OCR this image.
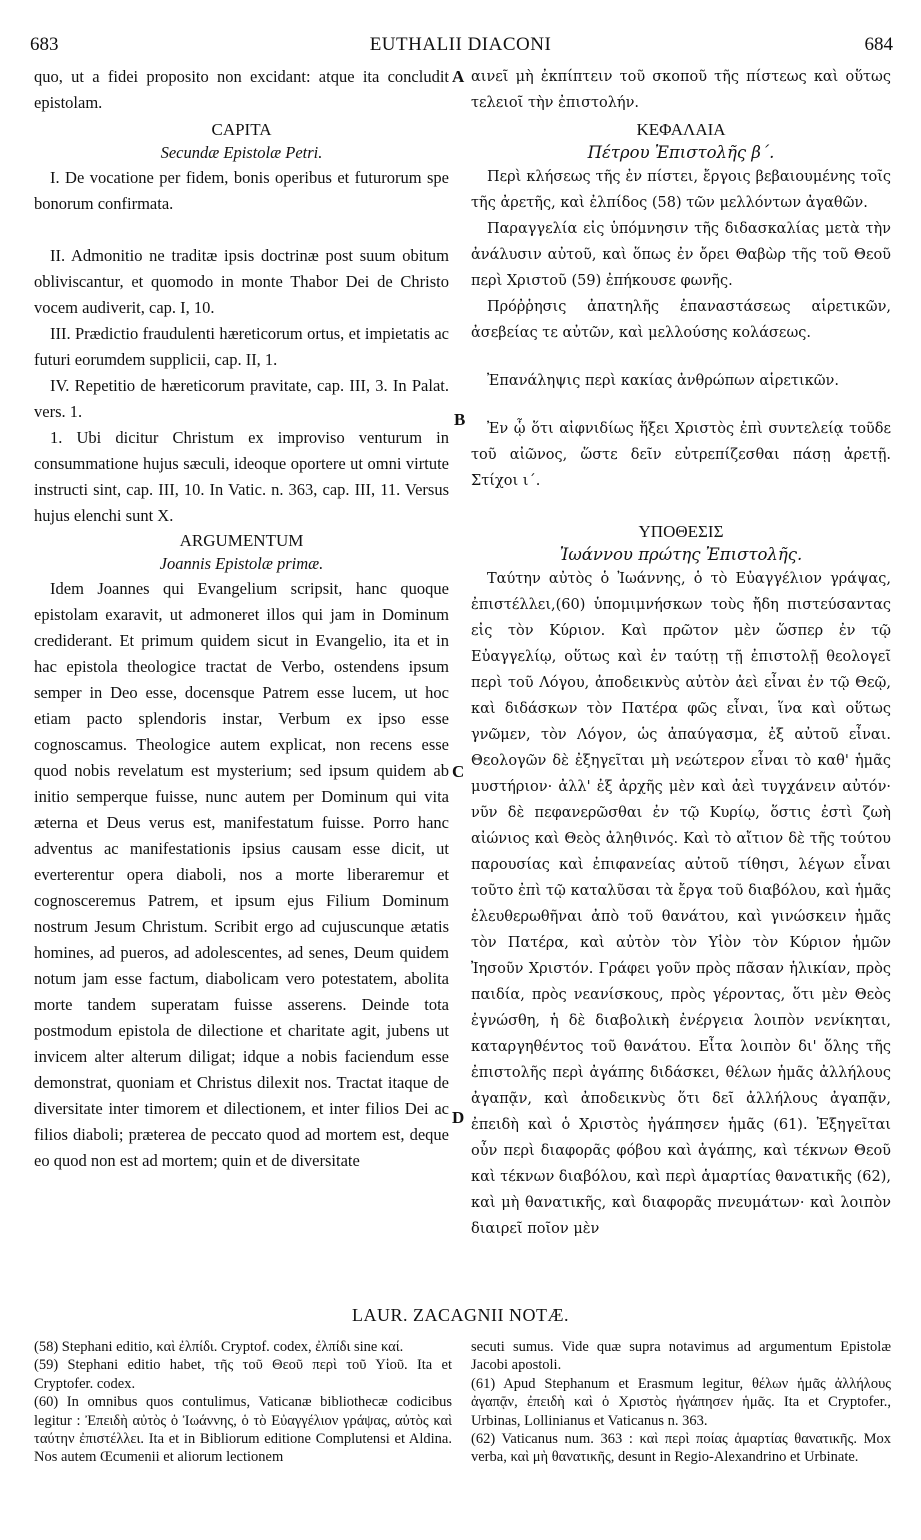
EUTHALII DIACONI
683	684

quo, ut a fidei proposito non excidant: atque ita concludit epistolam.

CAPITA

Secundæ Epistolæ Petri.

I. De vocatione per fidem, bonis operibus et futurorum spe bonorum confirmata.

II. Admonitio ne traditæ ipsis doctrinæ post suum obitum obliviscantur, et quomodo in monte Thabor Dei de Christo vocem audiverit, cap. I, 10.

III. Prædictio fraudulenti hæreticorum ortus, et impietatis ac futuri eorumdem supplicii, cap. II, 1.

IV. Repetitio de hæreticorum pravitate, cap. III, 3. In Palat. vers. 1.

1. Ubi dicitur Christum ex improviso venturum in consummatione hujus sæculi, ideoque oportere ut omni virtute instructi sint, cap. III, 10. In Vatic. n. 363, cap. III, 11. Versus hujus elenchi sunt X.

ARGUMENTUM

Joannis Epistolæ primæ.

Idem Joannes qui Evangelium scripsit, hanc quoque epistolam exaravit, ut admoneret illos qui jam in Dominum crediderant. Et primum quidem sicut in Evangelio, ita et in hac epistola theologice tractat de Verbo, ostendens ipsum semper in Deo esse, docensque Patrem esse lucem, ut hoc etiam pacto splendoris instar, Verbum ex ipso esse cognoscamus. Theologice autem explicat, non recens esse quod nobis revelatum est mysterium; sed ipsum quidem ab initio semperque fuisse, nunc autem per Dominum qui vita æterna et Deus verus est, manifestatum fuisse. Porro hanc adventus ac manifestationis ipsius causam esse dicit, ut everterentur opera diaboli, nos a morte liberaremur et cognosceremus Patrem, et ipsum ejus Filium Dominum nostrum Jesum Christum. Scribit ergo ad cujuscunque ætatis homines, ad pueros, ad adolescentes, ad senes, Deum quidem notum jam esse factum, diabolicam vero potestatem, abolita morte tandem superatam fuisse asserens. Deinde tota postmodum epistola de dilectione et charitate agit, jubens ut invicem alter alterum diligat; idque a nobis faciendum esse demonstrat, quoniam et Christus dilexit nos. Tractat itaque de diversitate inter timorem et dilectionem, et inter filios Dei ac filios diaboli; præterea de peccato quod ad mortem est, deque eo quod non est ad mortem; quin et de diversitate

A
B
C
D

αινεῖ μὴ ἐκπίπτειν τοῦ σκοποῦ τῆς πίστεως καὶ οὕτως τελειοῖ τὴν ἐπιστολήν.

ΚΕΦΑΛΑΙΑ

Πέτρου Ἐπιστολῆς β΄.

Περὶ κλήσεως τῆς ἐν πίστει, ἔργοις βεβαιουμένης τοῖς τῆς ἀρετῆς, καὶ ἐλπίδος (58) τῶν μελλόντων ἀγαθῶν.

Παραγγελία εἰς ὑπόμνησιν τῆς διδασκαλίας μετὰ τὴν ἀνάλυσιν αὐτοῦ, καὶ ὅπως ἐν ὄρει Θαβὼρ τῆς τοῦ Θεοῦ περὶ Χριστοῦ (59) ἐπήκουσε φωνῆς.

Πρόῤῥησις ἀπατηλῆς ἐπαναστάσεως αἱρετικῶν, ἀσεβείας τε αὐτῶν, καὶ μελλούσης κολάσεως.

Ἐπανάληψις περὶ κακίας ἀνθρώπων αἱρετικῶν.

Ἐν ᾧ ὅτι αἰφνιδίως ἥξει Χριστὸς ἐπὶ συντελείᾳ τοῦδε τοῦ αἰῶνος, ὥστε δεῖν εὐτρεπίζεσθαι πάσῃ ἀρετῇ. Στίχοι ι΄.

ΥΠΟΘΕΣΙΣ

Ἰωάννου πρώτης Ἐπιστολῆς.

Ταύτην αὐτὸς ὁ Ἰωάννης, ὁ τὸ Εὐαγγέλιον γράψας, ἐπιστέλλει,(60) ὑπομιμνήσκων τοὺς ἤδη πιστεύσαντας εἰς τὸν Κύριον. Καὶ πρῶτον μὲν ὥσπερ ἐν τῷ Εὐαγγελίῳ, οὕτως καὶ ἐν ταύτῃ τῇ ἐπιστολῇ θεολογεῖ περὶ τοῦ Λόγου, ἀποδεικνὺς αὐτὸν ἀεὶ εἶναι ἐν τῷ Θεῷ, καὶ διδάσκων τὸν Πατέρα φῶς εἶναι, ἵνα καὶ οὕτως γνῶμεν, τὸν Λόγον, ὡς ἀπαύγασμα, ἐξ αὐτοῦ εἶναι. Θεολογῶν δὲ ἐξηγεῖται μὴ νεώτερον εἶναι τὸ καθ' ἡμᾶς μυστήριον· ἀλλ' ἐξ ἀρχῆς μὲν καὶ ἀεὶ τυγχάνειν αὐτόν· νῦν δὲ πεφανερῶσθαι ἐν τῷ Κυρίῳ, ὅστις ἐστὶ ζωὴ αἰώνιος καὶ Θεὸς ἀληθινός. Καὶ τὸ αἴτιον δὲ τῆς τούτου παρουσίας καὶ ἐπιφανείας αὐτοῦ τίθησι, λέγων εἶναι τοῦτο ἐπὶ τῷ καταλῦσαι τὰ ἔργα τοῦ διαβόλου, καὶ ἡμᾶς ἐλευθερωθῆναι ἀπὸ τοῦ θανάτου, καὶ γινώσκειν ἡμᾶς τὸν Πατέρα, καὶ αὐτὸν τὸν Υἱὸν τὸν Κύριον ἡμῶν Ἰησοῦν Χριστόν. Γράφει γοῦν πρὸς πᾶσαν ἡλικίαν, πρὸς παιδία, πρὸς νεανίσκους, πρὸς γέροντας, ὅτι μὲν Θεὸς ἐγνώσθη, ἡ δὲ διαβολικὴ ἐνέργεια λοιπὸν νενίκηται, καταργηθέντος τοῦ θανάτου. Εἶτα λοιπὸν δι' ὅλης τῆς ἐπιστολῆς περὶ ἀγάπης διδάσκει, θέλων ἡμᾶς ἀλλήλους ἀγαπᾷν, καὶ ἀποδεικνὺς ὅτι δεῖ ἀλλήλους ἀγαπᾷν, ἐπειδὴ καὶ ὁ Χριστὸς ἠγάπησεν ἡμᾶς (61). Ἐξηγεῖται οὖν περὶ διαφορᾶς φόβου καὶ ἀγάπης, καὶ τέκνων Θεοῦ καὶ τέκνων διαβόλου, καὶ περὶ ἁμαρτίας θανατικῆς (62), καὶ μὴ θανατικῆς, καὶ διαφορᾶς πνευμάτων· καὶ λοιπὸν διαιρεῖ ποῖον μὲν

LAUR. ZACAGNII NOTÆ.

(58) Stephani editio, καὶ ἐλπίδι. Cryptof. codex, ἐλπίδι sine καί.

(59) Stephani editio habet, τῆς τοῦ Θεοῦ περὶ τοῦ Υἱοῦ. Ita et Cryptofer. codex.

(60) In omnibus quos contulimus, Vaticanæ bibliothecæ codicibus legitur : Ἐπειδὴ αὐτὸς ὁ Ἰωάννης, ὁ τὸ Εὐαγγέλιον γράψας, αὐτὸς καὶ ταύτην ἐπιστέλλει. Ita et in Bibliorum editione Complutensi et Aldina. Nos autem Œcumenii et aliorum lectionem

secuti sumus. Vide quæ supra notavimus ad argumentum Epistolæ Jacobi apostoli.

(61) Apud Stephanum et Erasmum legitur, θέλων ἡμᾶς ἀλλήλους ἀγαπᾷν, ἐπειδὴ καὶ ὁ Χριστὸς ἠγάπησεν ἡμᾶς. Ita et Cryptofer., Urbinas, Lollinianus et Vaticanus n. 363.

(62) Vaticanus num. 363 : καὶ περὶ ποίας ἁμαρτίας θανατικῆς. Mox verba, καὶ μὴ θανατικῆς, desunt in Regio-Alexandrino et Urbinate.
